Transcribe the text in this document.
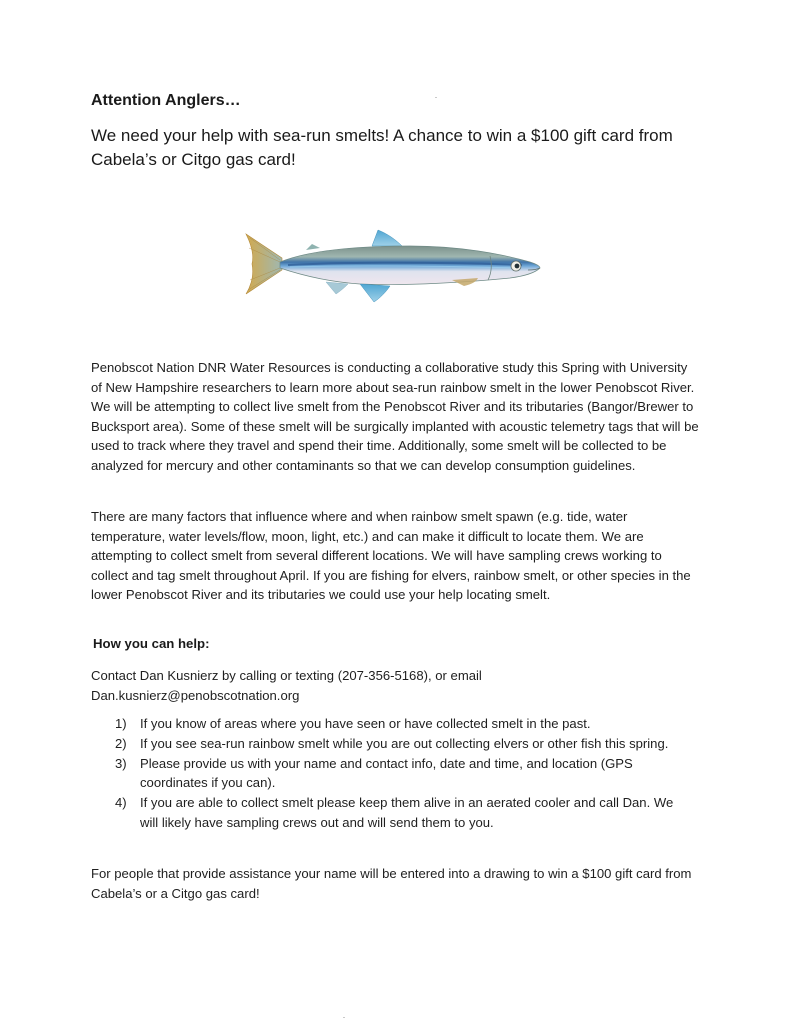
Attention Anglers…

We need your help with sea-run smelts! A chance to win a $100 gift card from Cabela’s or Citgo gas card!

Penobscot Nation DNR Water Resources is conducting a collaborative study this Spring with University of New Hampshire researchers to learn more about sea-run rainbow smelt in the lower Penobscot River. We will be attempting to collect live smelt from the Penobscot River and its tributaries (Bangor/Brewer to Bucksport area). Some of these smelt will be surgically implanted with acoustic telemetry tags that will be used to track where they travel and spend their time. Additionally, some smelt will be collected to be analyzed for mercury and other contaminants so that we can develop consumption guidelines.

There are many factors that influence where and when rainbow smelt spawn (e.g. tide, water temperature, water levels/flow, moon, light, etc.) and can make it difficult to locate them. We are attempting to collect smelt from several different locations. We will have sampling crews working to collect and tag smelt throughout April. If you are fishing for elvers, rainbow smelt, or other species in the lower Penobscot River and its tributaries we could use your help locating smelt.

How you can help:
Contact Dan Kusnierz by calling or texting (207-356-5168), or email
Dan.kusnierz@penobscotnation.org
1) If you know of areas where you have seen or have collected smelt in the past.
2) If you see sea-run rainbow smelt while you are out collecting elvers or other fish this spring.
3) Please provide us with your name and contact info, date and time, and location (GPS coordinates if you can).
4) If you are able to collect smelt please keep them alive in an aerated cooler and call Dan. We will likely have sampling crews out and will send them to you.

For people that provide assistance your name will be entered into a drawing to win a $100 gift card from Cabela’s or a Citgo gas card!
